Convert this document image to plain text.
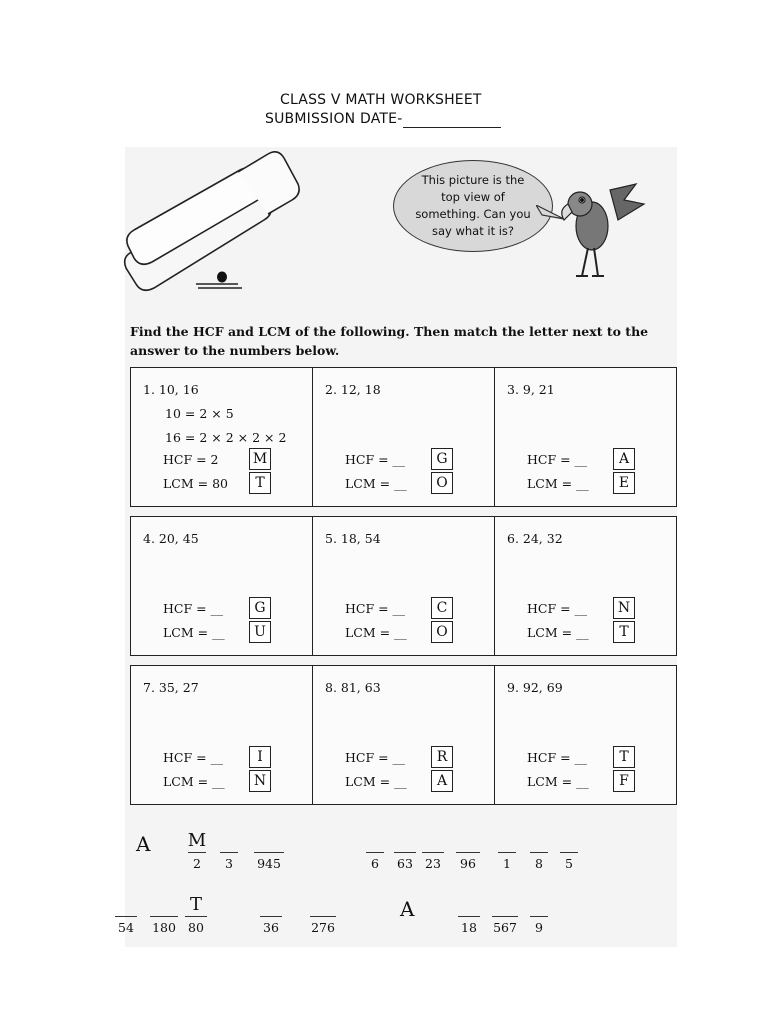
CLASS V MATH WORKSHEET
SUBMISSION DATE-
This picture is the top view of something. Can you say what it is?
Find the HCF and LCM of the following. Then match the letter next to the answer to the numbers below.
1. 10, 16
10 = 2 × 5
16 = 2 × 2 × 2 × 2
HCF = 2
LCM = 80
M
T
2. 12, 18
HCF = __
LCM = __
G
O
3. 9, 21
HCF = __
LCM = __
A
E
4. 20, 45
HCF = __
LCM = __
G
U
5. 18, 54
HCF = __
LCM = __
C
O
6. 24, 32
HCF = __
LCM = __
N
T
7. 35, 27
HCF = __
LCM = __
I
N
8. 81, 63
HCF = __
LCM = __
R
A
9. 92, 69
HCF = __
LCM = __
T
F
A
A
M
2	3	945	6	63 23	96	1	8	5
54	180
T
80	36	276	18	567	9
